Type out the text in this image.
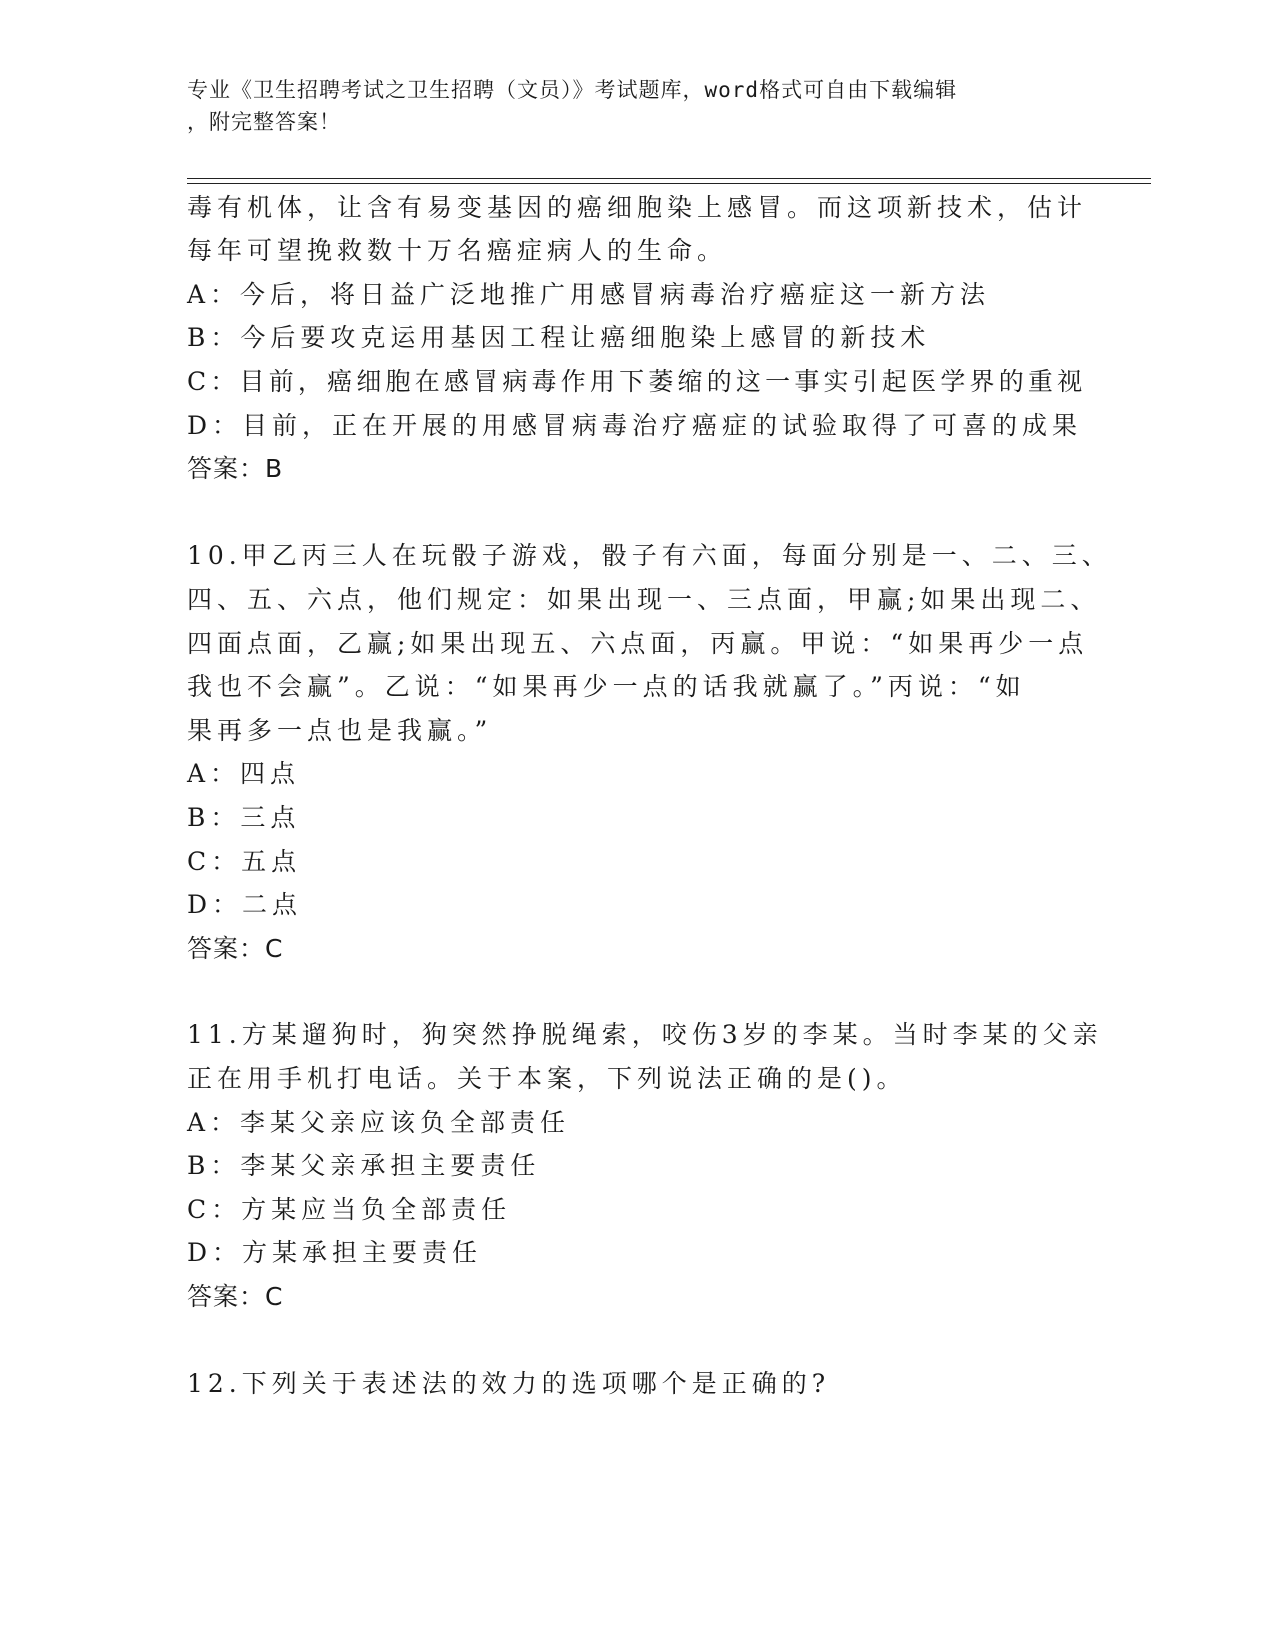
专业《卫生招聘考试之卫生招聘（文员）》考试题库，word格式可自由下载编辑
，附完整答案！
毒有机体，让含有易变基因的癌细胞染上感冒。而这项新技术，估计
每年可望挽救数十万名癌症病人的生命。
A：今后，将日益广泛地推广用感冒病毒治疗癌症这一新方法
B：今后要攻克运用基因工程让癌细胞染上感冒的新技术
C：目前，癌细胞在感冒病毒作用下萎缩的这一事实引起医学界的重视
D：目前，正在开展的用感冒病毒治疗癌症的试验取得了可喜的成果
答案：B
10.甲乙丙三人在玩骰子游戏，骰子有六面，每面分别是一、二、三、
四、五、六点，他们规定：如果出现一、三点面，甲赢;如果出现二、
四面点面，乙赢;如果出现五、六点面，丙赢。甲说：“如果再少一点
我也不会赢”。乙说：“如果再少一点的话我就赢了。”丙说：“如
果再多一点也是我赢。”
A：四点
B：三点
C：五点
D：二点
答案：C
11.方某遛狗时，狗突然挣脱绳索，咬伤3岁的李某。当时李某的父亲
正在用手机打电话。关于本案，下列说法正确的是()。
A：李某父亲应该负全部责任
B：李某父亲承担主要责任
C：方某应当负全部责任
D：方某承担主要责任
答案：C
12.下列关于表述法的效力的选项哪个是正确的?
